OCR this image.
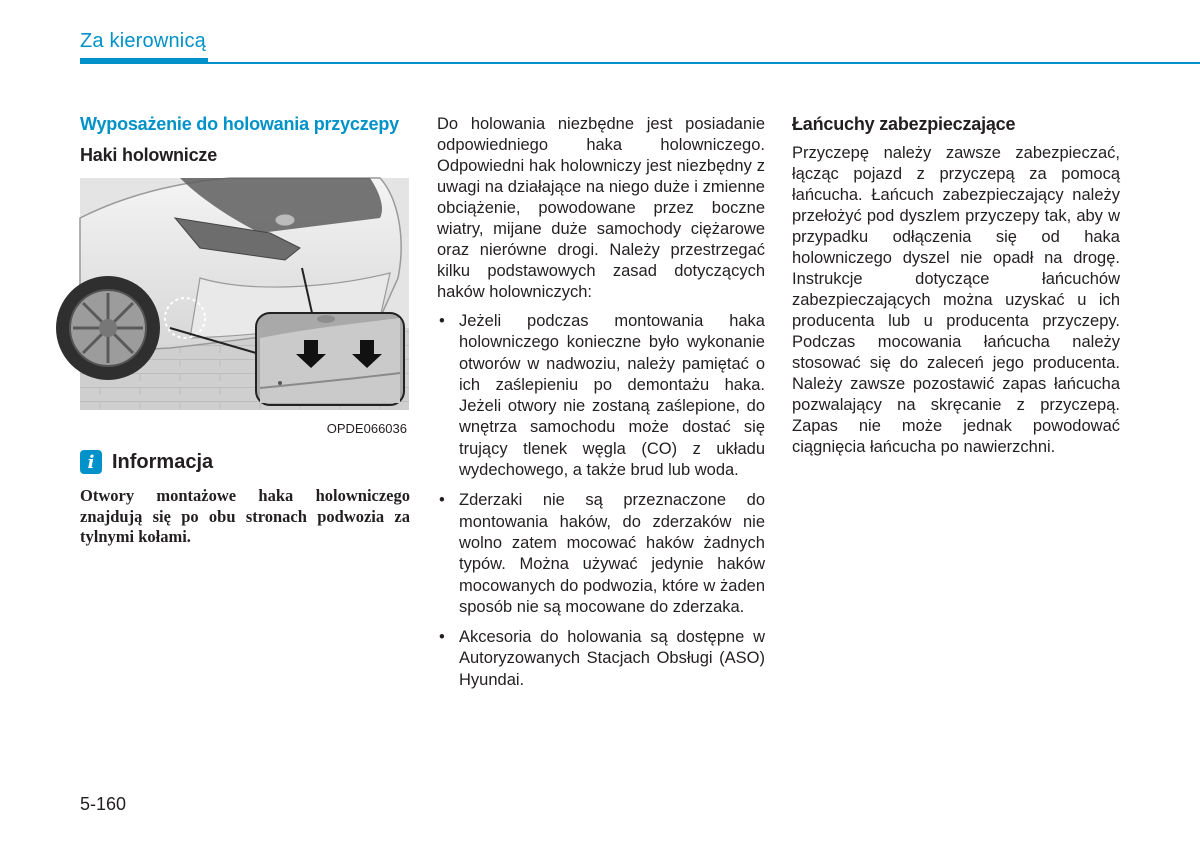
Za kierownicą
Wyposażenie do holowania przyczepy
Haki holownicze
OPDE066036
i Informacja
Otwory montażowe haka holowniczego znajdują się po obu stronach podwozia za tylnymi kołami.

Do holowania niezbędne jest posiadanie odpowiedniego haka holowniczego. Odpowiedni hak holowniczy jest niezbędny z uwagi na działające na niego duże i zmienne obciążenie, powodowane przez boczne wiatry, mijane duże samochody ciężarowe oraz nierówne drogi. Należy przestrzegać kilku podstawowych zasad dotyczących haków holowniczych:

• Jeżeli podczas montowania haka holowniczego konieczne było wykonanie otworów w nadwoziu, należy pamiętać o ich zaślepieniu po demontażu haka. Jeżeli otwory nie zostaną zaślepione, do wnętrza samochodu może dostać się trujący tlenek węgla (CO) z układu wydechowego, a także brud lub woda.
• Zderzaki nie są przeznaczone do montowania haków, do zderzaków nie wolno zatem mocować haków żadnych typów. Można używać jedynie haków mocowanych do podwozia, które w żaden sposób nie są mocowane do zderzaka.
• Akcesoria do holowania są dostępne w Autoryzowanych Stacjach Obsługi (ASO) Hyundai.
Łańcuchy zabezpieczające

Przyczepę należy zawsze zabezpieczać, łącząc pojazd z przyczepą za pomocą łańcucha. Łańcuch zabezpieczający należy przełożyć pod dyszlem przyczepy tak, aby w przypadku odłączenia się od haka holowniczego dyszel nie opadł na drogę. Instrukcje dotyczące łańcuchów zabezpieczających można uzyskać u ich producenta lub u producenta przyczepy. Podczas mocowania łańcucha należy stosować się do zaleceń jego producenta. Należy zawsze pozostawić zapas łańcucha pozwalający na skręcanie z przyczepą. Zapas nie może jednak powodować ciągnięcia łańcucha po nawierzchni.

5-160
